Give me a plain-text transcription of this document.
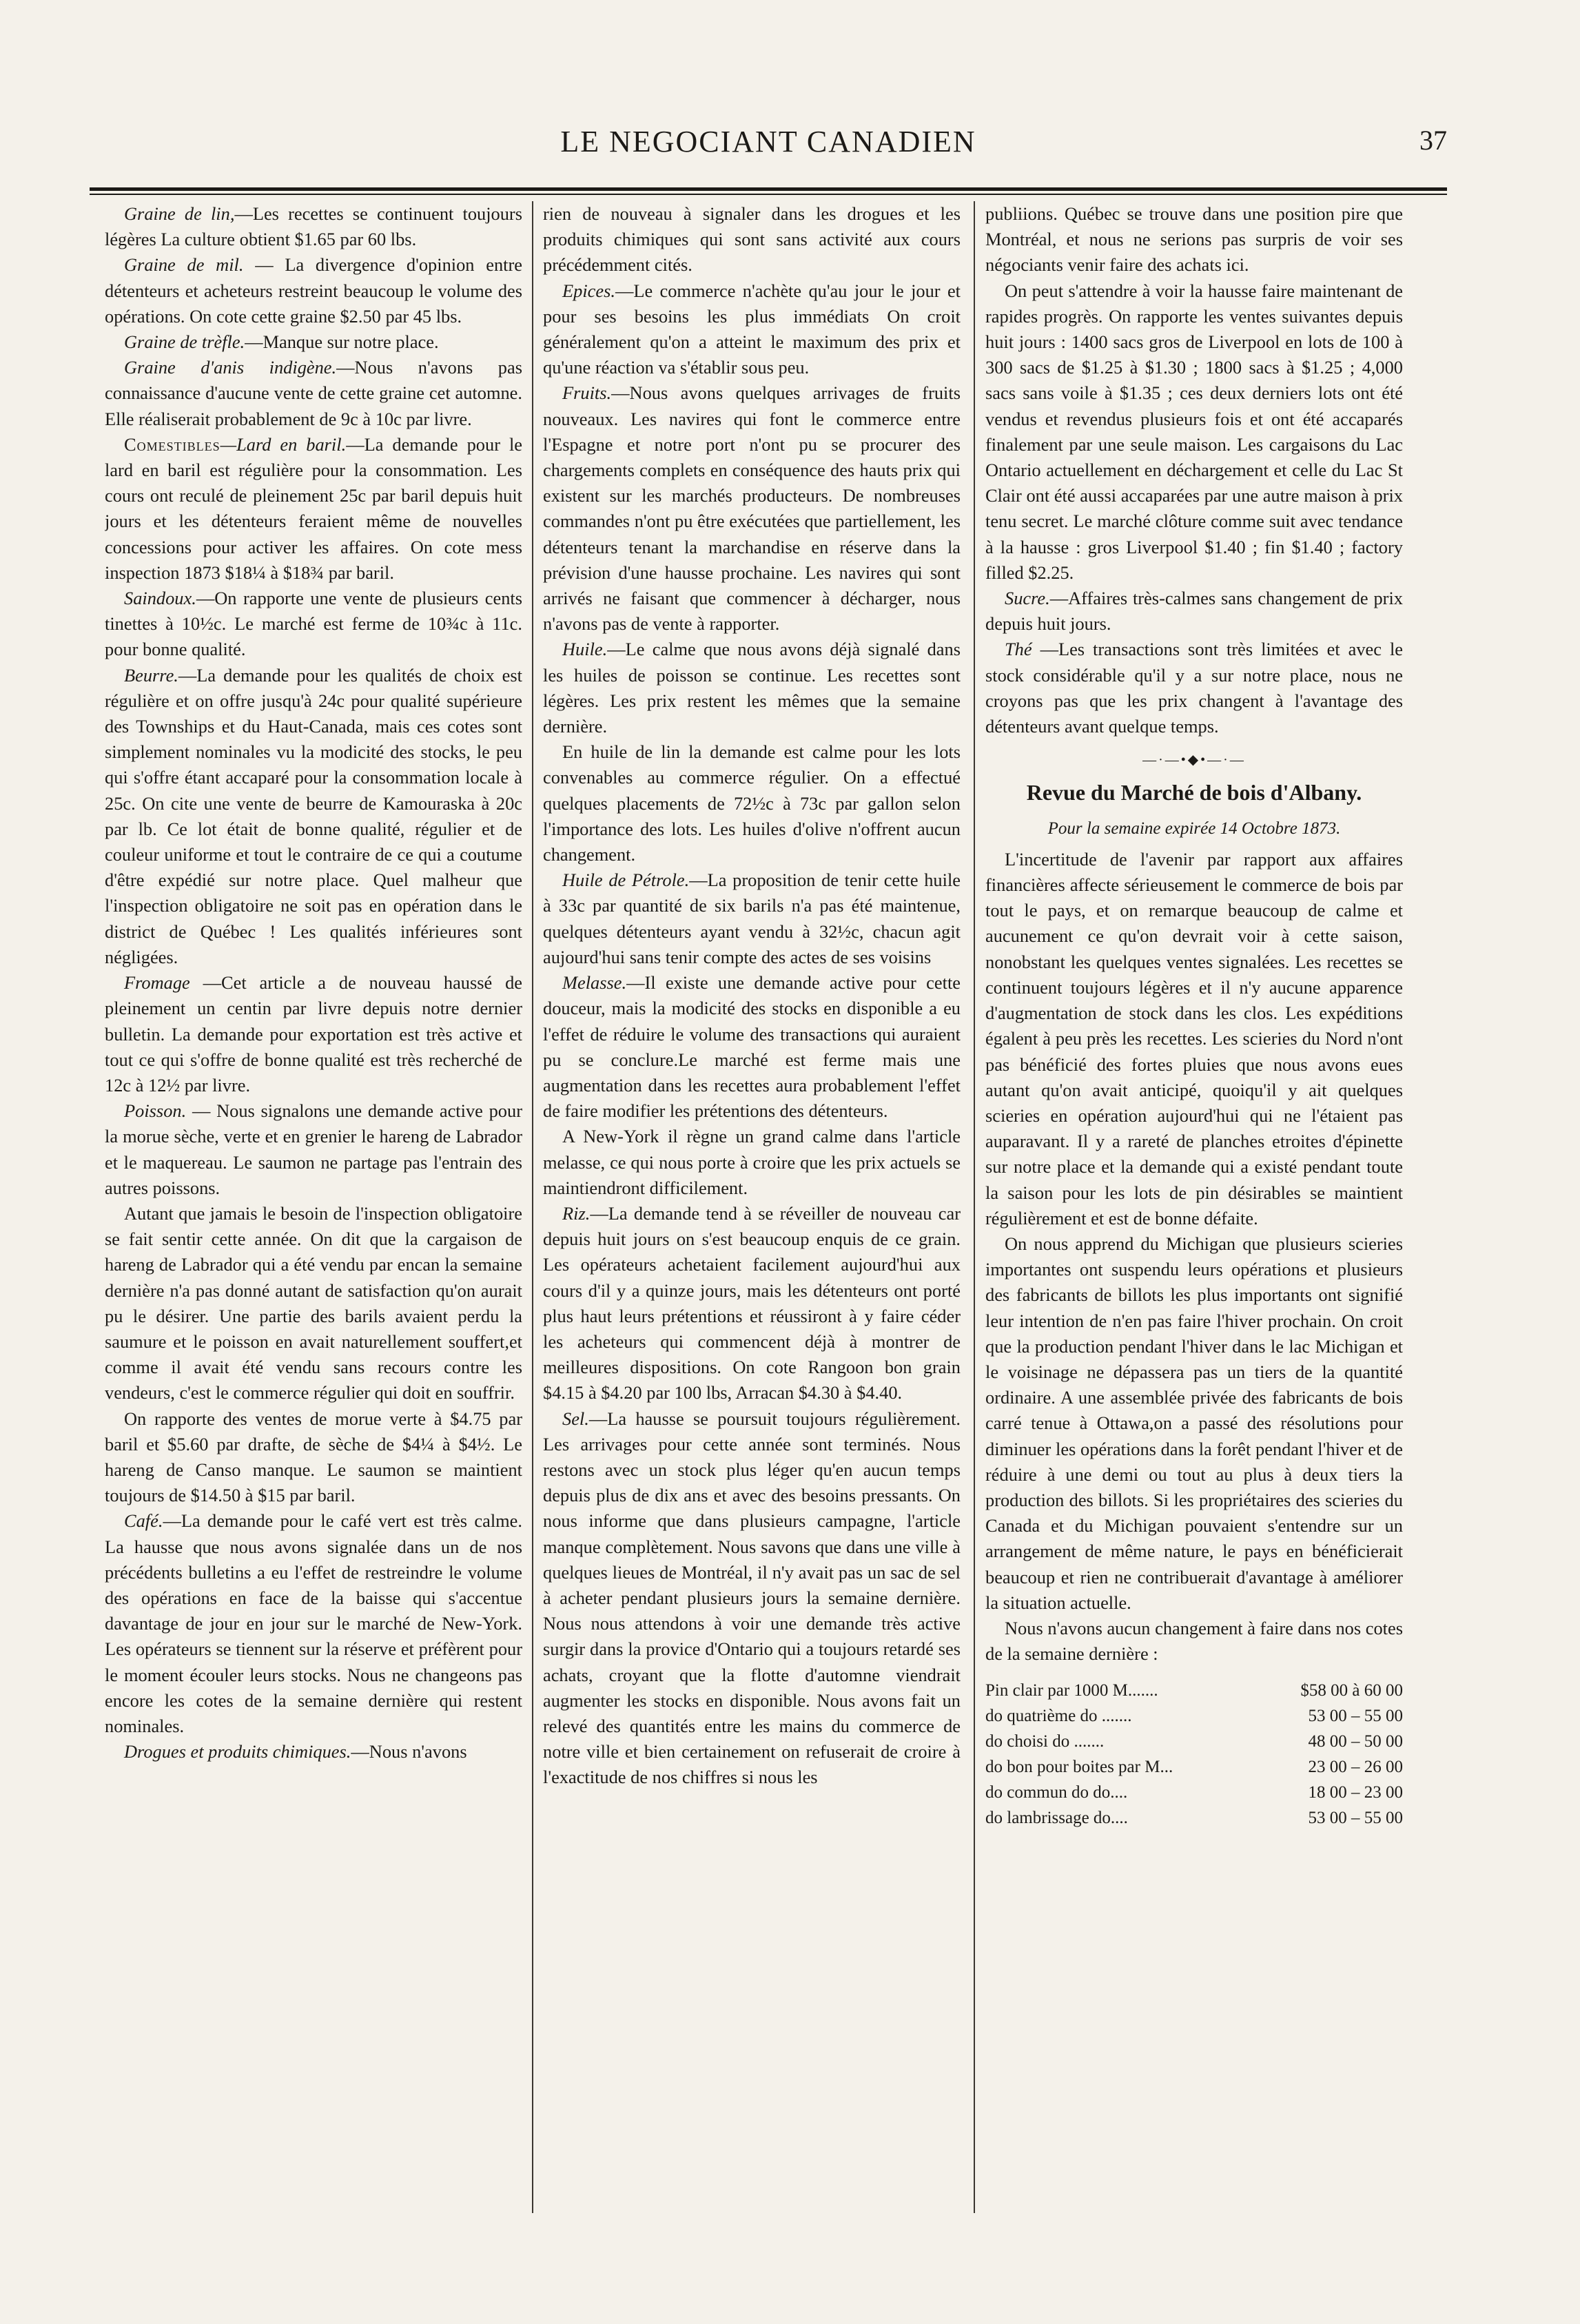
LE NEGOCIANT CANADIEN	37

Graine de lin,—Les recettes se continuent toujours légères La culture obtient $1.65 par 60 lbs.

Graine de mil. — La divergence d'opinion entre détenteurs et acheteurs restreint beaucoup le volume des opérations. On cote cette graine $2.50 par 45 lbs.

Graine de trèfle.—Manque sur notre place.

Graine d'anis indigène.—Nous n'avons pas connaissance d'aucune vente de cette graine cet automne. Elle réaliserait probablement de 9c à 10c par livre.

Comestibles—Lard en baril.—La demande pour le lard en baril est régulière pour la consommation. Les cours ont reculé de pleinement 25c par baril depuis huit jours et les détenteurs feraient même de nouvelles concessions pour activer les affaires. On cote mess inspection 1873 $18¼ à $18¾ par baril.

Saindoux.—On rapporte une vente de plusieurs cents tinettes à 10½c. Le marché est ferme de 10¾c à 11c. pour bonne qualité.

Beurre.—La demande pour les qualités de choix est régulière et on offre jusqu'à 24c pour qualité supérieure des Townships et du Haut-Canada, mais ces cotes sont simplement nominales vu la modicité des stocks, le peu qui s'offre étant accaparé pour la consommation locale à 25c. On cite une vente de beurre de Kamouraska à 20c par lb. Ce lot était de bonne qualité, régulier et de couleur uniforme et tout le contraire de ce qui a coutume d'être expédié sur notre place. Quel malheur que l'inspection obligatoire ne soit pas en opération dans le district de Québec ! Les qualités inférieures sont négligées.

Fromage —Cet article a de nouveau haussé de pleinement un centin par livre depuis notre dernier bulletin. La demande pour exportation est très active et tout ce qui s'offre de bonne qualité est très recherché de 12c à 12½ par livre.

Poisson. — Nous signalons une demande active pour la morue sèche, verte et en grenier le hareng de Labrador et le maquereau. Le saumon ne partage pas l'entrain des autres poissons.

Autant que jamais le besoin de l'inspection obligatoire se fait sentir cette année. On dit que la cargaison de hareng de Labrador qui a été vendu par encan la semaine dernière n'a pas donné autant de satisfaction qu'on aurait pu le désirer. Une partie des barils avaient perdu la saumure et le poisson en avait naturellement souffert,et comme il avait été vendu sans recours contre les vendeurs, c'est le commerce régulier qui doit en souffrir.

On rapporte des ventes de morue verte à $4.75 par baril et $5.60 par drafte, de sèche de $4¼ à $4½. Le hareng de Canso manque. Le saumon se maintient toujours de $14.50 à $15 par baril.

Café.—La demande pour le café vert est très calme. La hausse que nous avons signalée dans un de nos précédents bulletins a eu l'effet de restreindre le volume des opérations en face de la baisse qui s'accentue davantage de jour en jour sur le marché de New-York. Les opérateurs se tiennent sur la réserve et préfèrent pour le moment écouler leurs stocks. Nous ne changeons pas encore les cotes de la semaine dernière qui restent nominales.

Drogues et produits chimiques.—Nous n'avons

rien de nouveau à signaler dans les drogues et les produits chimiques qui sont sans activité aux cours précédemment cités.

Epices.—Le commerce n'achète qu'au jour le jour et pour ses besoins les plus immédiats On croit généralement qu'on a atteint le maximum des prix et qu'une réaction va s'établir sous peu.

Fruits.—Nous avons quelques arrivages de fruits nouveaux. Les navires qui font le commerce entre l'Espagne et notre port n'ont pu se procurer des chargements complets en conséquence des hauts prix qui existent sur les marchés producteurs. De nombreuses commandes n'ont pu être exécutées que partiellement, les détenteurs tenant la marchandise en réserve dans la prévision d'une hausse prochaine. Les navires qui sont arrivés ne faisant que commencer à décharger, nous n'avons pas de vente à rapporter.

Huile.—Le calme que nous avons déjà signalé dans les huiles de poisson se continue. Les recettes sont légères. Les prix restent les mêmes que la semaine dernière.

En huile de lin la demande est calme pour les lots convenables au commerce régulier. On a effectué quelques placements de 72½c à 73c par gallon selon l'importance des lots. Les huiles d'olive n'offrent aucun changement.

Huile de Pétrole.—La proposition de tenir cette huile à 33c par quantité de six barils n'a pas été maintenue, quelques détenteurs ayant vendu à 32½c, chacun agit aujourd'hui sans tenir compte des actes de ses voisins

Melasse.—Il existe une demande active pour cette douceur, mais la modicité des stocks en disponible a eu l'effet de réduire le volume des transactions qui auraient pu se conclure.Le marché est ferme mais une augmentation dans les recettes aura probablement l'effet de faire modifier les prétentions des détenteurs.

A New-York il règne un grand calme dans l'article melasse, ce qui nous porte à croire que les prix actuels se maintiendront difficilement.

Riz.—La demande tend à se réveiller de nouveau car depuis huit jours on s'est beaucoup enquis de ce grain. Les opérateurs achetaient facilement aujourd'hui aux cours d'il y a quinze jours, mais les détenteurs ont porté plus haut leurs prétentions et réussiront à y faire céder les acheteurs qui commencent déjà à montrer de meilleures dispositions. On cote Rangoon bon grain $4.15 à $4.20 par 100 lbs, Arracan $4.30 à $4.40.

Sel.—La hausse se poursuit toujours régulièrement. Les arrivages pour cette année sont terminés. Nous restons avec un stock plus léger qu'en aucun temps depuis plus de dix ans et avec des besoins pressants. On nous informe que dans plusieurs campagne, l'article manque complètement. Nous savons que dans une ville à quelques lieues de Montréal, il n'y avait pas un sac de sel à acheter pendant plusieurs jours la semaine dernière. Nous nous attendons à voir une demande très active surgir dans la provice d'Ontario qui a toujours retardé ses achats, croyant que la flotte d'automne viendrait augmenter les stocks en disponible. Nous avons fait un relevé des quantités entre les mains du commerce de notre ville et bien certainement on refuserait de croire à l'exactitude de nos chiffres si nous les

publiions. Québec se trouve dans une position pire que Montréal, et nous ne serions pas surpris de voir ses négociants venir faire des achats ici.

On peut s'attendre à voir la hausse faire maintenant de rapides progrès. On rapporte les ventes suivantes depuis huit jours : 1400 sacs gros de Liverpool en lots de 100 à 300 sacs de $1.25 à $1.30 ; 1800 sacs à $1.25 ; 4,000 sacs sans voile à $1.35 ; ces deux derniers lots ont été vendus et revendus plusieurs fois et ont été accaparés finalement par une seule maison. Les cargaisons du Lac Ontario actuellement en déchargement et celle du Lac St Clair ont été aussi accaparées par une autre maison à prix tenu secret. Le marché clôture comme suit avec tendance à la hausse : gros Liverpool $1.40 ; fin $1.40 ; factory filled $2.25.

Sucre.—Affaires très-calmes sans changement de prix depuis huit jours.

Thé —Les transactions sont très limitées et avec le stock considérable qu'il y a sur notre place, nous ne croyons pas que les prix changent à l'avantage des détenteurs avant quelque temps.

—·—•◆•—·—
Revue du Marché de bois d'Albany.
Pour la semaine expirée 14 Octobre 1873.

L'incertitude de l'avenir par rapport aux affaires financières affecte sérieusement le commerce de bois par tout le pays, et on remarque beaucoup de calme et aucunement ce qu'on devrait voir à cette saison, nonobstant les quelques ventes signalées. Les recettes se continuent toujours légères et il n'y aucune apparence d'augmentation de stock dans les clos. Les expéditions égalent à peu près les recettes. Les scieries du Nord n'ont pas bénéficié des fortes pluies que nous avons eues autant qu'on avait anticipé, quoiqu'il y ait quelques scieries en opération aujourd'hui qui ne l'étaient pas auparavant. Il y a rareté de planches etroites d'épinette sur notre place et la demande qui a existé pendant toute la saison pour les lots de pin désirables se maintient régulièrement et est de bonne défaite.

On nous apprend du Michigan que plusieurs scieries importantes ont suspendu leurs opérations et plusieurs des fabricants de billots les plus importants ont signifié leur intention de n'en pas faire l'hiver prochain. On croit que la production pendant l'hiver dans le lac Michigan et le voisinage ne dépassera pas un tiers de la quantité ordinaire. A une assemblée privée des fabricants de bois carré tenue à Ottawa,on a passé des résolutions pour diminuer les opérations dans la forêt pendant l'hiver et de réduire à une demi ou tout au plus à deux tiers la production des billots. Si les propriétaires des scieries du Canada et du Michigan pouvaient s'entendre sur un arrangement de même nature, le pays en bénéficierait beaucoup et rien ne contribuerait d'avantage à améliorer la situation actuelle.

Nous n'avons aucun changement à faire dans nos cotes de la semaine dernière :

Pin clair par 1000 M.......	$58 00 à 60 00
do quatrième do .......	53 00 – 55 00
do choisi do .......	48 00 – 50 00
do bon pour boites par M...	23 00 – 26 00
do commun do do....	18 00 – 23 00
do lambrissage do....	53 00 – 55 00
